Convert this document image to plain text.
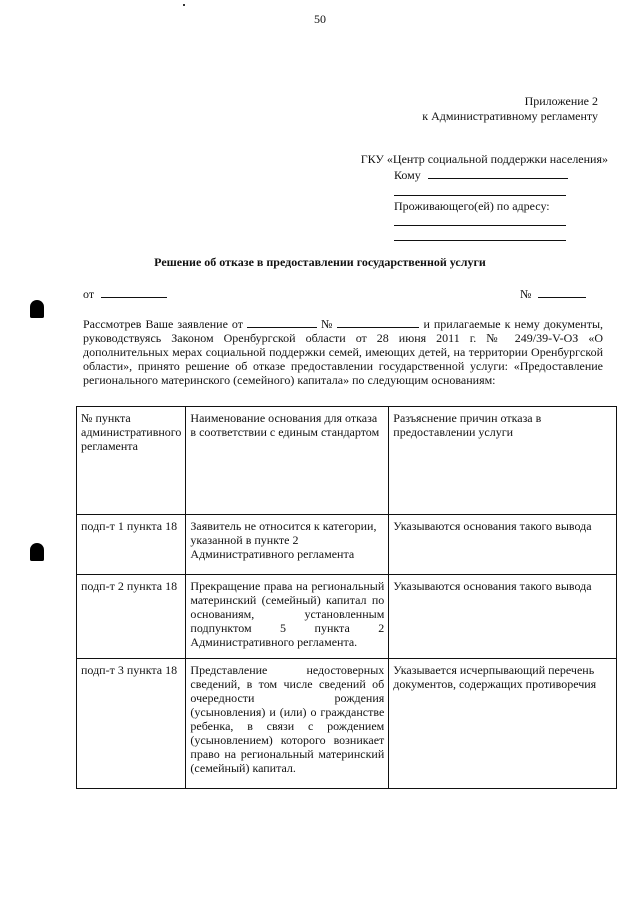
50
Приложение 2
к Административному регламенту
ГКУ «Центр социальной поддержки населения»
Кому
Проживающего(ей) по адресу:
Решение об отказе в предоставлении государственной услуги
от	№
Рассмотрев Ваше заявление от	№	и прилагаемые к нему документы, руководствуясь Законом Оренбургской области от 28 июня 2011 г. № 249/39-V-ОЗ «О дополнительных мерах социальной поддержки семей, имеющих детей, на территории Оренбургской области», принято решение об отказе предоставлении государственной услуги: «Предоставление регионального материнского (семейного) капитала» по следующим основаниям:
№ пункта административного регламента	Наименование основания для отказа в соответствии с единым стандартом	Разъяснение причин отказа в предоставлении услуги
подп-т 1 пункта 18	Заявитель не относится к категории, указанной в пункте 2 Административного регламента	Указываются основания такого вывода
подп-т 2 пункта 18	Прекращение права на региональный материнский (семейный) капитал по основаниям, установленным подпунктом 5 пункта 2 Административного регламента.	Указываются основания такого вывода
подп-т 3 пункта 18	Представление недостоверных сведений, в том числе сведений об очередности рождения (усыновления) и (или) о гражданстве ребенка, в связи с рождением (усыновлением) которого возникает право на региональный материнский (семейный) капитал.	Указывается исчерпывающий перечень документов, содержащих противоречия
